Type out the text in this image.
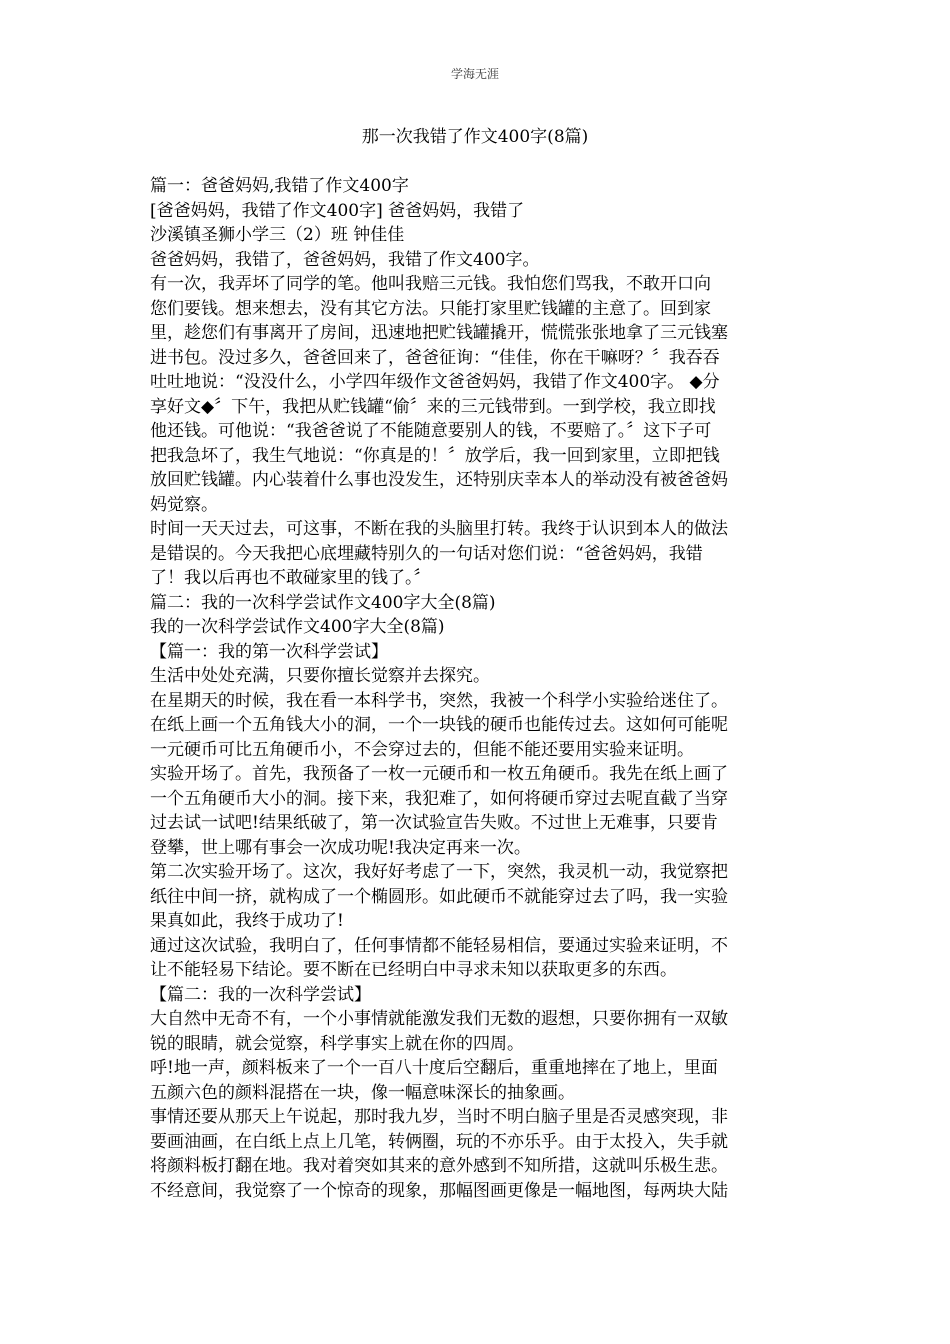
学海无涯
那一次我错了作文400字(8篇)
篇一：爸爸妈妈,我错了作文400字
[爸爸妈妈，我错了作文400字] 爸爸妈妈，我错了
沙溪镇圣狮小学三（2）班 钟佳佳
爸爸妈妈，我错了，爸爸妈妈，我错了作文400字。
有一次，我弄坏了同学的笔。他叫我赔三元钱。我怕您们骂我，不敢开口向
您们要钱。想来想去，没有其它方法。只能打家里贮钱罐的主意了。回到家
里，趁您们有事离开了房间，迅速地把贮钱罐撬开，慌慌张张地拿了三元钱塞
进书包。没过多久，爸爸回来了，爸爸征询：“佳佳，你在干嘛呀？〞我吞吞
吐吐地说：“没没什么，小学四年级作文爸爸妈妈，我错了作文400字。 ◆分
享好文◆〞下午，我把从贮钱罐“偷〞来的三元钱带到。一到学校，我立即找
他还钱。可他说：“我爸爸说了不能随意要别人的钱，不要赔了。〞这下子可
把我急坏了，我生气地说：“你真是的！〞放学后，我一回到家里，立即把钱
放回贮钱罐。内心装着什么事也没发生，还特别庆幸本人的举动没有被爸爸妈
妈觉察。
时间一天天过去，可这事，不断在我的头脑里打转。我终于认识到本人的做法
是错误的。今天我把心底埋藏特别久的一句话对您们说：“爸爸妈妈，我错
了！我以后再也不敢碰家里的钱了。〞
篇二：我的一次科学尝试作文400字大全(8篇)
我的一次科学尝试作文400字大全(8篇)
【篇一：我的第一次科学尝试】
生活中处处充满，只要你擅长觉察并去探究。
在星期天的时候，我在看一本科学书，突然，我被一个科学小实验给迷住了。
在纸上画一个五角钱大小的洞，一个一块钱的硬币也能传过去。这如何可能呢
一元硬币可比五角硬币小，不会穿过去的，但能不能还要用实验来证明。
实验开场了。首先，我预备了一枚一元硬币和一枚五角硬币。我先在纸上画了
一个五角硬币大小的洞。接下来，我犯难了，如何将硬币穿过去呢直截了当穿
过去试一试吧!结果纸破了，第一次试验宣告失败。不过世上无难事，只要肯
登攀，世上哪有事会一次成功呢!我决定再来一次。
第二次实验开场了。这次，我好好考虑了一下，突然，我灵机一动，我觉察把
纸往中间一挤，就构成了一个椭圆形。如此硬币不就能穿过去了吗，我一实验
果真如此，我终于成功了!
通过这次试验，我明白了，任何事情都不能轻易相信，要通过实验来证明，不
让不能轻易下结论。要不断在已经明白中寻求未知以获取更多的东西。
【篇二：我的一次科学尝试】
大自然中无奇不有，一个小事情就能激发我们无数的遐想，只要你拥有一双敏
锐的眼睛，就会觉察，科学事实上就在你的四周。
呼!地一声，颜料板来了一个一百八十度后空翻后，重重地摔在了地上，里面
五颜六色的颜料混搭在一块，像一幅意味深长的抽象画。
事情还要从那天上午说起，那时我九岁，当时不明白脑子里是否灵感突现，非
要画油画，在白纸上点上几笔，转俩圈，玩的不亦乐乎。由于太投入，失手就
将颜料板打翻在地。我对着突如其来的意外感到不知所措，这就叫乐极生悲。
不经意间，我觉察了一个惊奇的现象，那幅图画更像是一幅地图，每两块大陆
